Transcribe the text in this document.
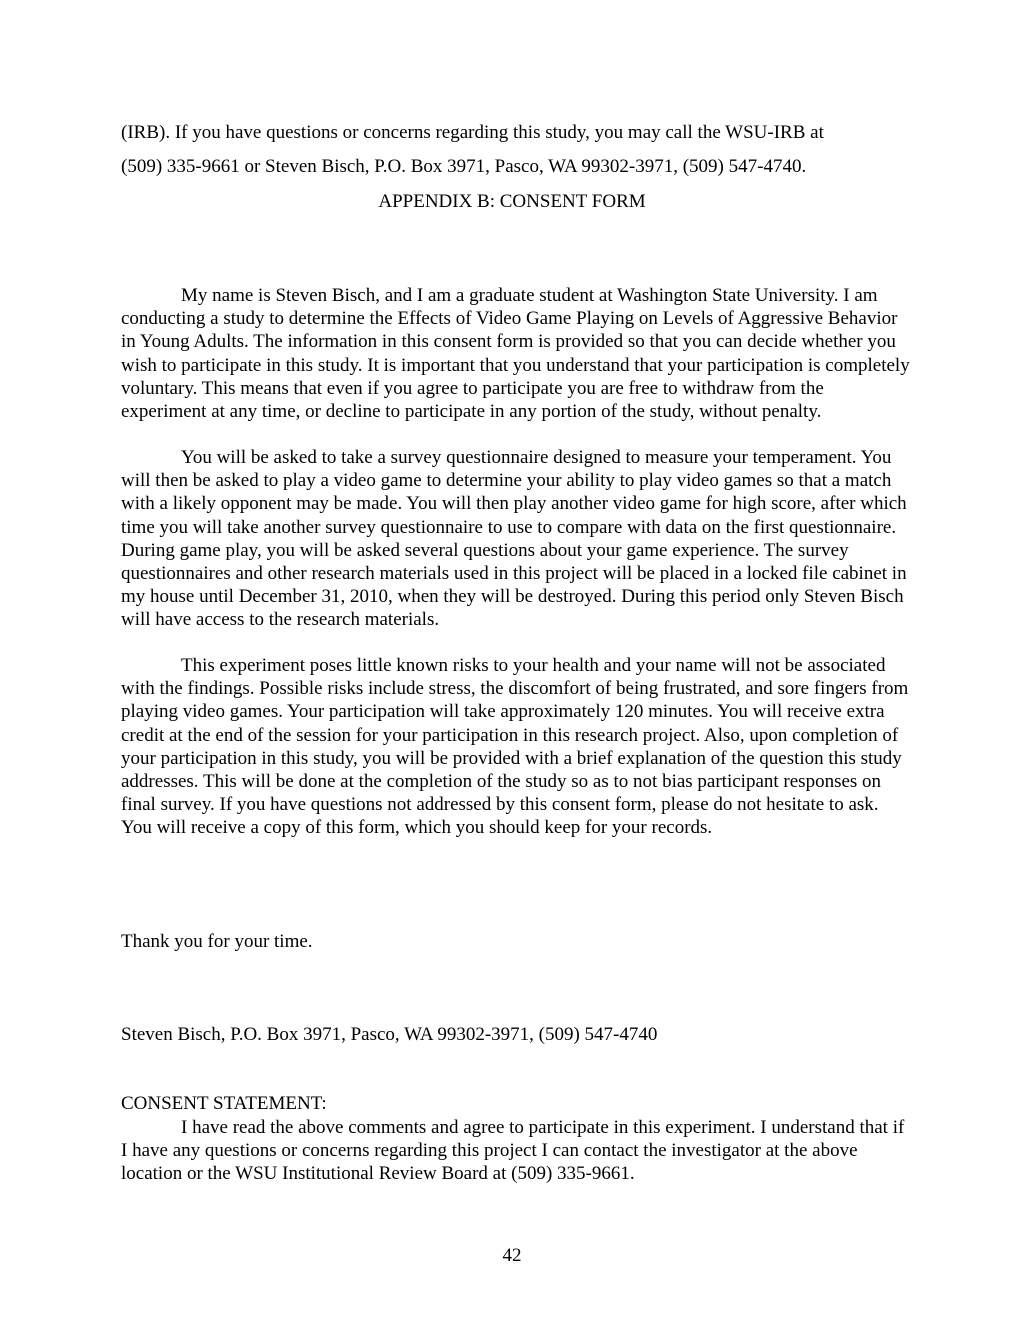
(IRB). If you have questions or concerns regarding this study, you may call the WSU-IRB at
(509) 335-9661 or Steven Bisch, P.O. Box 3971, Pasco, WA 99302-3971, (509) 547-4740.
APPENDIX B: CONSENT FORM

My name is Steven Bisch, and I am a graduate student at Washington State University. I am conducting a study to determine the Effects of Video Game Playing on Levels of Aggressive Behavior in Young Adults. The information in this consent form is provided so that you can decide whether you wish to participate in this study. It is important that you understand that your participation is completely voluntary. This means that even if you agree to participate you are free to withdraw from the experiment at any time, or decline to participate in any portion of the study, without penalty.

You will be asked to take a survey questionnaire designed to measure your temperament. You will then be asked to play a video game to determine your ability to play video games so that a match with a likely opponent may be made. You will then play another video game for high score, after which time you will take another survey questionnaire to use to compare with data on the first questionnaire. During game play, you will be asked several questions about your game experience. The survey questionnaires and other research materials used in this project will be placed in a locked file cabinet in my house until December 31, 2010, when they will be destroyed. During this period only Steven Bisch will have access to the research materials.

This experiment poses little known risks to your health and your name will not be associated with the findings. Possible risks include stress, the discomfort of being frustrated, and sore fingers from playing video games. Your participation will take approximately 120 minutes. You will receive extra credit at the end of the session for your participation in this research project. Also, upon completion of your participation in this study, you will be provided with a brief explanation of the question this study addresses. This will be done at the completion of the study so as to not bias participant responses on final survey. If you have questions not addressed by this consent form, please do not hesitate to ask. You will receive a copy of this form, which you should keep for your records.

Thank you for your time.
Steven Bisch, P.O. Box 3971, Pasco, WA 99302-3971, (509) 547-4740
CONSENT STATEMENT:

I have read the above comments and agree to participate in this experiment. I understand that if I have any questions or concerns regarding this project I can contact the investigator at the above location or the WSU Institutional Review Board at (509) 335-9661.

42
